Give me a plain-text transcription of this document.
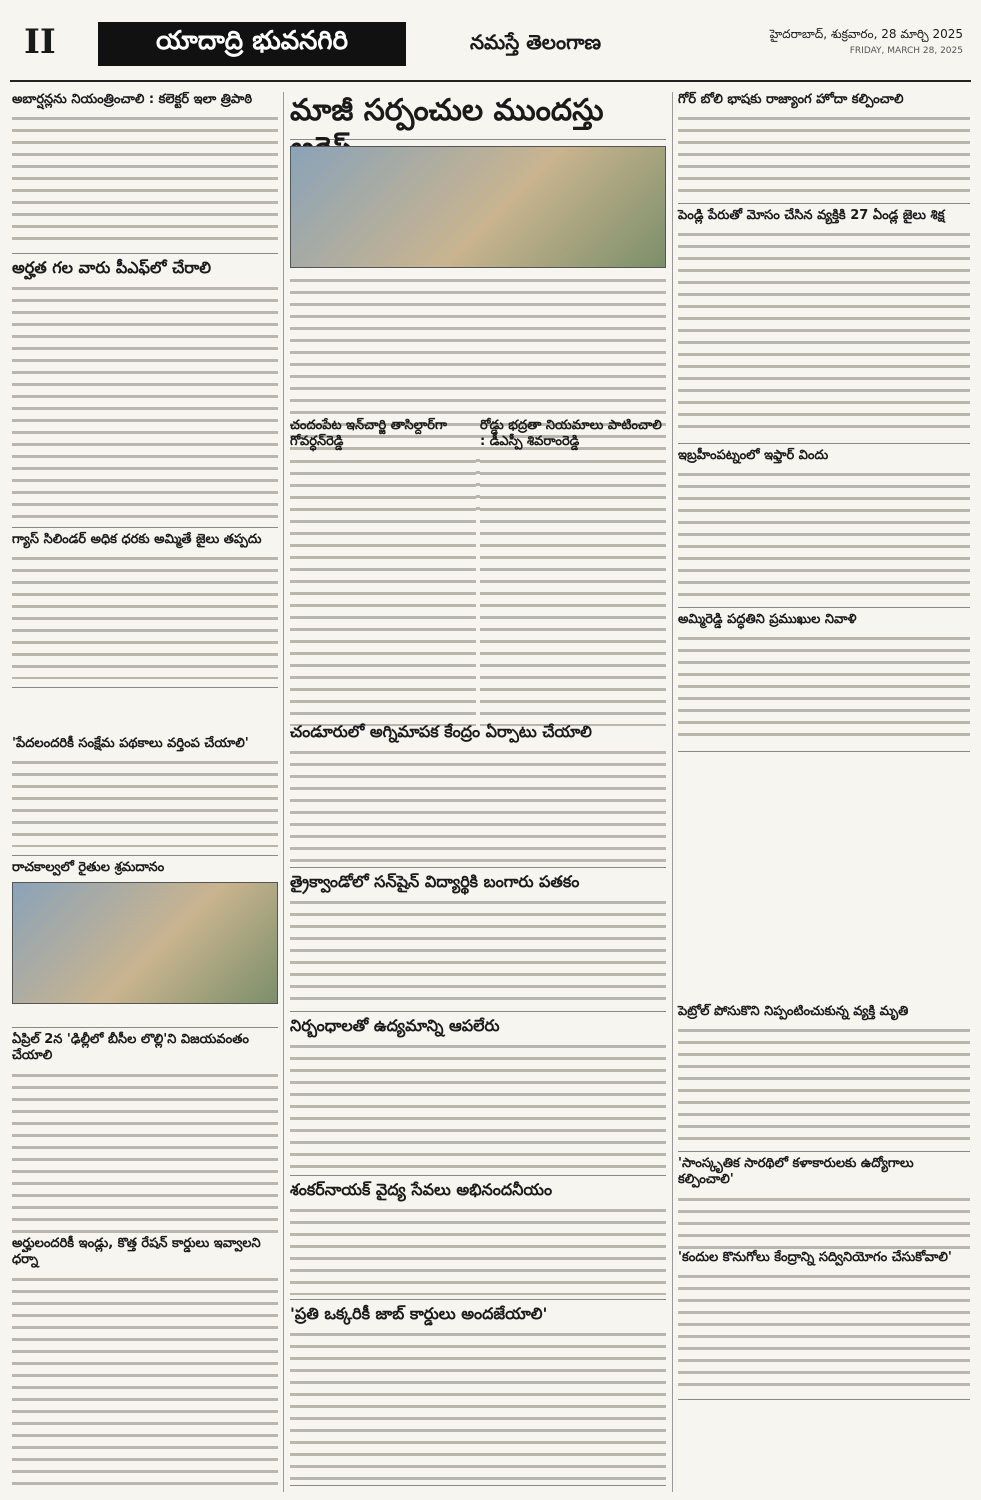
II	యాదాద్రి భువనగిరి	నమస్తే తెలంగాణ	హైదరాబాద్, శుక్రవారం, 28 మార్చి 2025
FRIDAY, MARCH 28, 2025

అబార్షన్లను నియంత్రించాలి : కలెక్టర్ ఇలా త్రిపాఠి

అర్హత గల వారు పీఎఫ్‌లో చేరాలి

గ్యాస్ సిలిండర్ అధిక ధరకు అమ్మితే జైలు తప్పదు

'పేదలందరికీ సంక్షేమ పథకాలు వర్తింప చేయాలి'

రాచకాల్వలో రైతుల శ్రమదానం

ఏప్రిల్ 2న 'ఢిల్లీలో బీసీల లొల్లి'ని విజయవంతం చేయాలి

అర్హులందరికీ ఇండ్లు, కొత్త రేషన్ కార్డులు ఇవ్వాలని ధర్నా

మాజీ సర్పంచుల ముందస్తు

చందంపేట ఇన్‌చార్జి తాసిల్దార్‌గా గోవర్ధన్‌రెడ్డి

రోడ్డు భద్రతా నియమాలు పాటించాలి : డీఎస్పీ శివరాంరెడ్డి

చండూరులో అగ్నిమాపక కేంద్రం ఏర్పాటు చేయాలి

త్రైక్వాండోలో సన్‌షైన్ విద్యార్థికి బంగారు పతకం

నిర్బంధాలతో ఉద్యమాన్ని ఆపలేరు

శంకర్‌నాయక్ వైద్య సేవలు అభినందనీయం

'ప్రతి ఒక్కరికీ జాబ్ కార్డులు అందజేయాలి'

గోర్ బోలి భాషకు రాజ్యాంగ హోదా కల్పించాలి

పెండ్లి పేరుతో మోసం చేసిన వ్యక్తికి 27 ఏండ్ల జైలు శిక్ష

ఇబ్రహీంపట్నంలో ఇఫ్తార్ విందు

అమ్మిరెడ్డి పద్ధతిని ప్రముఖుల నివాళి

పెట్రోల్ పోసుకొని నిప్పంటించుకున్న వ్యక్తి మృతి

'సాంస్కృతిక సారథిలో కళాకారులకు ఉద్యోగాలు కల్పించాలి'

'కందుల కొనుగోలు కేంద్రాన్ని సద్వినియోగం చేసుకోవాలి'
